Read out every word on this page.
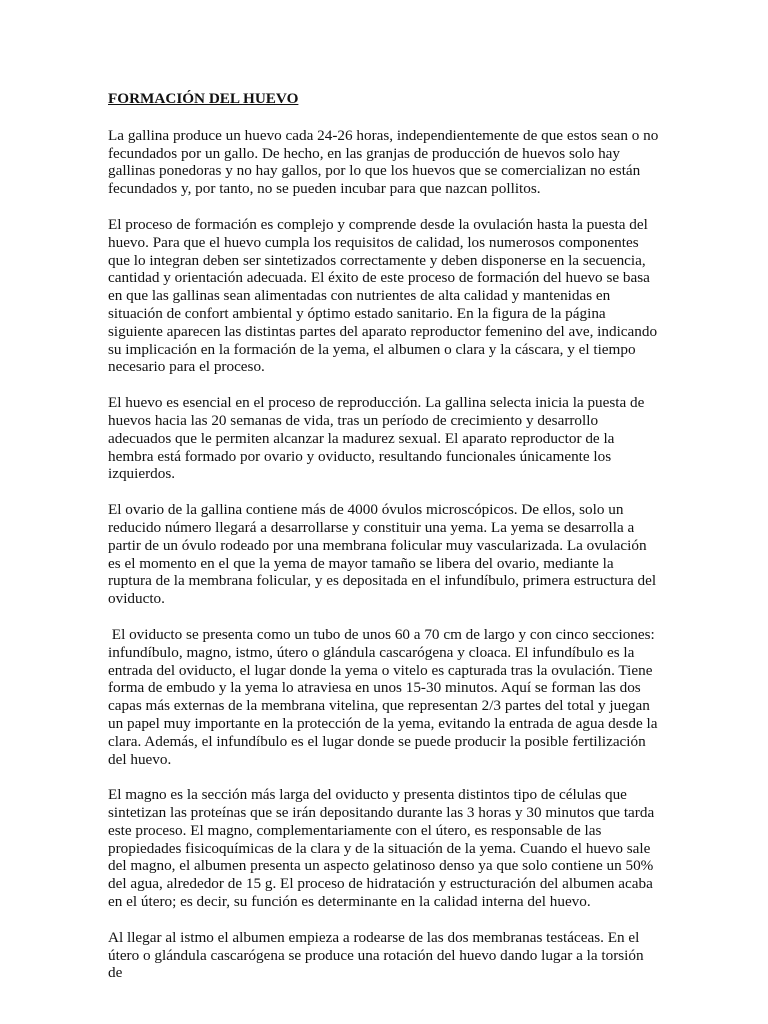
FORMACIÓN DEL HUEVO

La gallina produce un huevo cada 24-26 horas, independientemente de que estos sean o no fecundados por un gallo. De hecho, en las granjas de producción de huevos solo hay gallinas ponedoras y no hay gallos, por lo que los huevos que se comercializan no están fecundados y, por tanto, no se pueden incubar para que nazcan pollitos.

El proceso de formación es complejo y comprende desde la ovulación hasta la puesta del huevo. Para que el huevo cumpla los requisitos de calidad, los numerosos componentes que lo integran deben ser sintetizados correctamente y deben disponerse en la secuencia, cantidad y orientación adecuada. El éxito de este proceso de formación del huevo se basa en que las gallinas sean alimentadas con nutrientes de alta calidad y mantenidas en situación de confort ambiental y óptimo estado sanitario. En la figura de la página siguiente aparecen las distintas partes del aparato reproductor femenino del ave, indicando su implicación en la formación de la yema, el albumen o clara y la cáscara, y el tiempo necesario para el proceso.

El huevo es esencial en el proceso de reproducción. La gallina selecta inicia la puesta de huevos hacia las 20 semanas de vida, tras un período de crecimiento y desarrollo adecuados que le permiten alcanzar la madurez sexual. El aparato reproductor de la hembra está formado por ovario y oviducto, resultando funcionales únicamente los izquierdos.

El ovario de la gallina contiene más de 4000 óvulos microscópicos. De ellos, solo un reducido número llegará a desarrollarse y constituir una yema. La yema se desarrolla a partir de un óvulo rodeado por una membrana folicular muy vascularizada. La ovulación es el momento en el que la yema de mayor tamaño se libera del ovario, mediante la ruptura de la membrana folicular, y es depositada en el infundíbulo, primera estructura del oviducto.

El oviducto se presenta como un tubo de unos 60 a 70 cm de largo y con cinco secciones: infundíbulo, magno, istmo, útero o glándula cascarógena y cloaca. El infundíbulo es la entrada del oviducto, el lugar donde la yema o vitelo es capturada tras la ovulación. Tiene forma de embudo y la yema lo atraviesa en unos 15-30 minutos. Aquí se forman las dos capas más externas de la membrana vitelina, que representan 2/3 partes del total y juegan un papel muy importante en la protección de la yema, evitando la entrada de agua desde la clara. Además, el infundíbulo es el lugar donde se puede producir la posible fertilización del huevo.

El magno es la sección más larga del oviducto y presenta distintos tipo de células que sintetizan las proteínas que se irán depositando durante las 3 horas y 30 minutos que tarda este proceso. El magno, complementariamente con el útero, es responsable de las propiedades fisicoquímicas de la clara y de la situación de la yema. Cuando el huevo sale del magno, el albumen presenta un aspecto gelatinoso denso ya que solo contiene un 50% del agua, alrededor de 15 g. El proceso de hidratación y estructuración del albumen acaba en el útero; es decir, su función es determinante en la calidad interna del huevo.

Al llegar al istmo el albumen empieza a rodearse de las dos membranas testáceas. En el útero o glándula cascarógena se produce una rotación del huevo dando lugar a la torsión de
